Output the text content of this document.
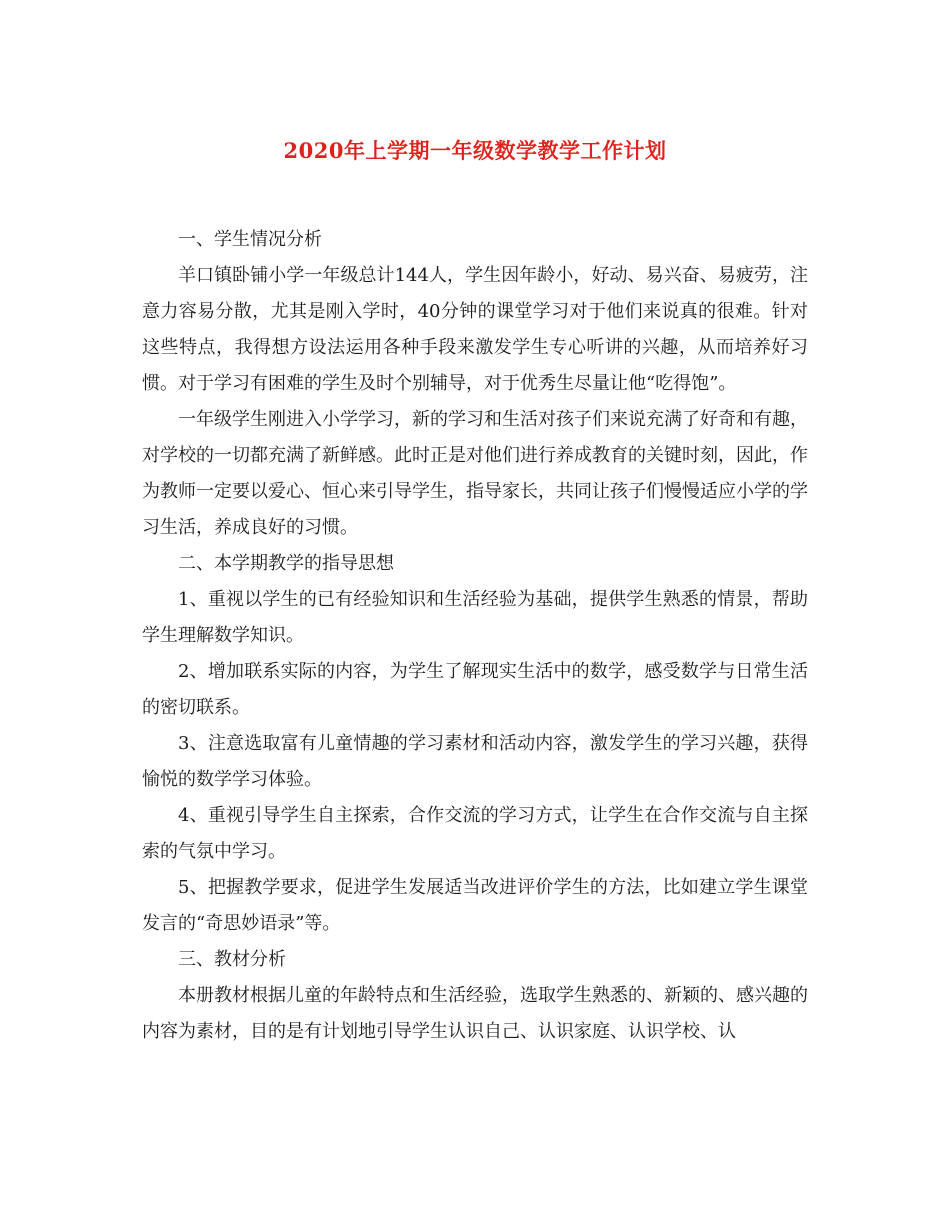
2020年上学期一年级数学教学工作计划

一、学生情况分析

羊口镇卧铺小学一年级总计144人，学生因年龄小，好动、易兴奋、易疲劳，注意力容易分散，尤其是刚入学时，40分钟的课堂学习对于他们来说真的很难。针对这些特点，我得想方设法运用各种手段来激发学生专心听讲的兴趣，从而培养好习惯。对于学习有困难的学生及时个别辅导，对于优秀生尽量让他“吃得饱”。

一年级学生刚进入小学学习，新的学习和生活对孩子们来说充满了好奇和有趣，对学校的一切都充满了新鲜感。此时正是对他们进行养成教育的关键时刻，因此，作为教师一定要以爱心、恒心来引导学生，指导家长，共同让孩子们慢慢适应小学的学习生活，养成良好的习惯。

二、本学期教学的指导思想

1、重视以学生的已有经验知识和生活经验为基础，提供学生熟悉的情景，帮助学生理解数学知识。

2、增加联系实际的内容，为学生了解现实生活中的数学，感受数学与日常生活的密切联系。

3、注意选取富有儿童情趣的学习素材和活动内容，激发学生的学习兴趣，获得愉悦的数学学习体验。

4、重视引导学生自主探索，合作交流的学习方式，让学生在合作交流与自主探索的气氛中学习。

5、把握教学要求，促进学生发展适当改进评价学生的方法，比如建立学生课堂发言的“奇思妙语录”等。

三、教材分析

本册教材根据儿童的年龄特点和生活经验，选取学生熟悉的、新颖的、感兴趣的内容为素材，目的是有计划地引导学生认识自己、认识家庭、认识学校、认
